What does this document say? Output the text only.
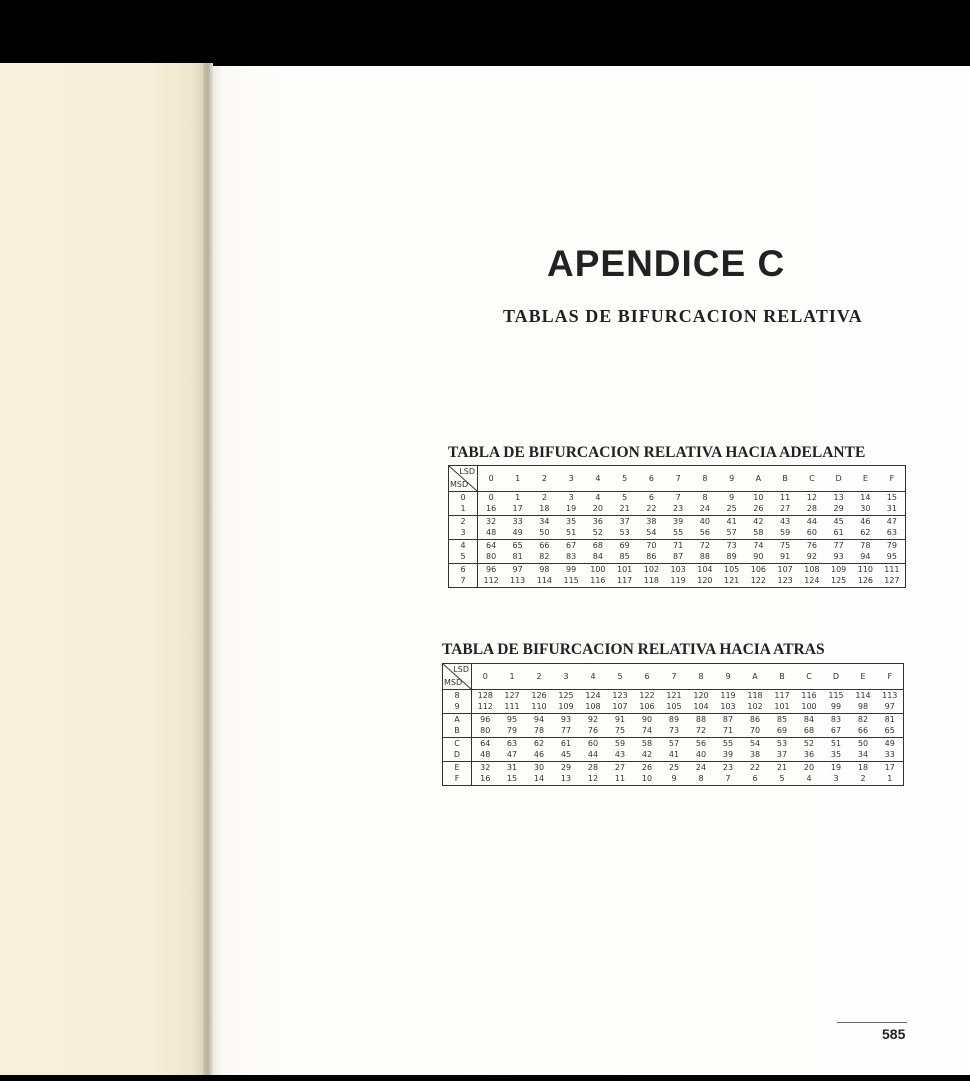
APENDICE C
TABLAS DE BIFURCACION RELATIVA
TABLA DE BIFURCACION RELATIVA HACIA ADELANTE
LSD
MSD	0	1	2	3	4	5	6	7	8	9	A	B	C	D	E	F
0	0	1	2	3	4	5	6	7	8	9	10	11	12	13	14	15
1	16	17	18	19	20	21	22	23	24	25	26	27	28	29	30	31
2	32	33	34	35	36	37	38	39	40	41	42	43	44	45	46	47
3	48	49	50	51	52	53	54	55	56	57	58	59	60	61	62	63
4	64	65	66	67	68	69	70	71	72	73	74	75	76	77	78	79
5	80	81	82	83	84	85	86	87	88	89	90	91	92	93	94	95
6	96	97	98	99	100	101	102	103	104	105	106	107	108	109	110	111
7	112	113	114	115	116	117	118	119	120	121	122	123	124	125	126	127
TABLA DE BIFURCACION RELATIVA HACIA ATRAS
LSD
MSD	0	1	2	3	4	5	6	7	8	9	A	B	C	D	E	F
8	128	127	126	125	124	123	122	121	120	119	118	117	116	115	114	113
9	112	111	110	109	108	107	106	105	104	103	102	101	100	99	98	97
A	96	95	94	93	92	91	90	89	88	87	86	85	84	83	82	81
B	80	79	78	77	76	75	74	73	72	71	70	69	68	67	66	65
C	64	63	62	61	60	59	58	57	56	55	54	53	52	51	50	49
D	48	47	46	45	44	43	42	41	40	39	38	37	36	35	34	33
E	32	31	30	29	28	27	26	25	24	23	22	21	20	19	18	17
F	16	15	14	13	12	11	10	9	8	7	6	5	4	3	2	1
585
